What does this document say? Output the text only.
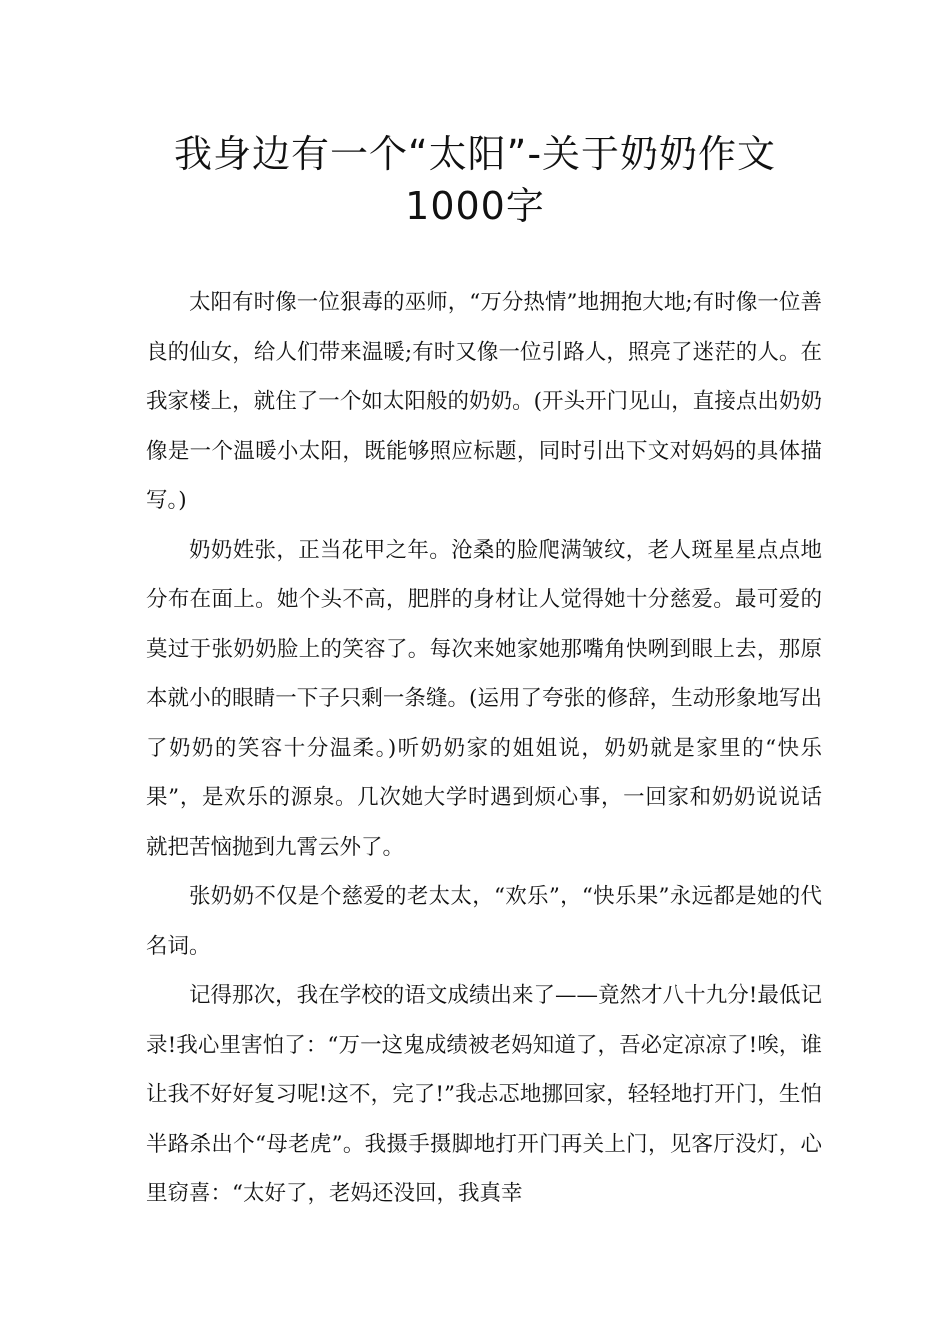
我身边有一个“太阳”-关于奶奶作文
1000字

太阳有时像一位狠毒的巫师，“万分热情”地拥抱大地;有时像一位善良的仙女，给人们带来温暖;有时又像一位引路人，照亮了迷茫的人。在我家楼上，就住了一个如太阳般的奶奶。(开头开门见山，直接点出奶奶像是一个温暖小太阳，既能够照应标题，同时引出下文对妈妈的具体描写。)

奶奶姓张，正当花甲之年。沧桑的脸爬满皱纹，老人斑星星点点地分布在面上。她个头不高，肥胖的身材让人觉得她十分慈爱。最可爱的莫过于张奶奶脸上的笑容了。每次来她家她那嘴角快咧到眼上去，那原本就小的眼睛一下子只剩一条缝。(运用了夸张的修辞，生动形象地写出了奶奶的笑容十分温柔。)听奶奶家的姐姐说，奶奶就是家里的“快乐果”，是欢乐的源泉。几次她大学时遇到烦心事，一回家和奶奶说说话就把苦恼抛到九霄云外了。

张奶奶不仅是个慈爱的老太太，“欢乐”，“快乐果”永远都是她的代名词。

记得那次，我在学校的语文成绩出来了——竟然才八十九分!最低记录!我心里害怕了：“万一这鬼成绩被老妈知道了，吾必定凉凉了!唉，谁让我不好好复习呢!这不，完了!”我忐忑地挪回家，轻轻地打开门，生怕半路杀出个“母老虎”。我摄手摄脚地打开门再关上门，见客厅没灯，心里窃喜：“太好了，老妈还没回，我真幸
